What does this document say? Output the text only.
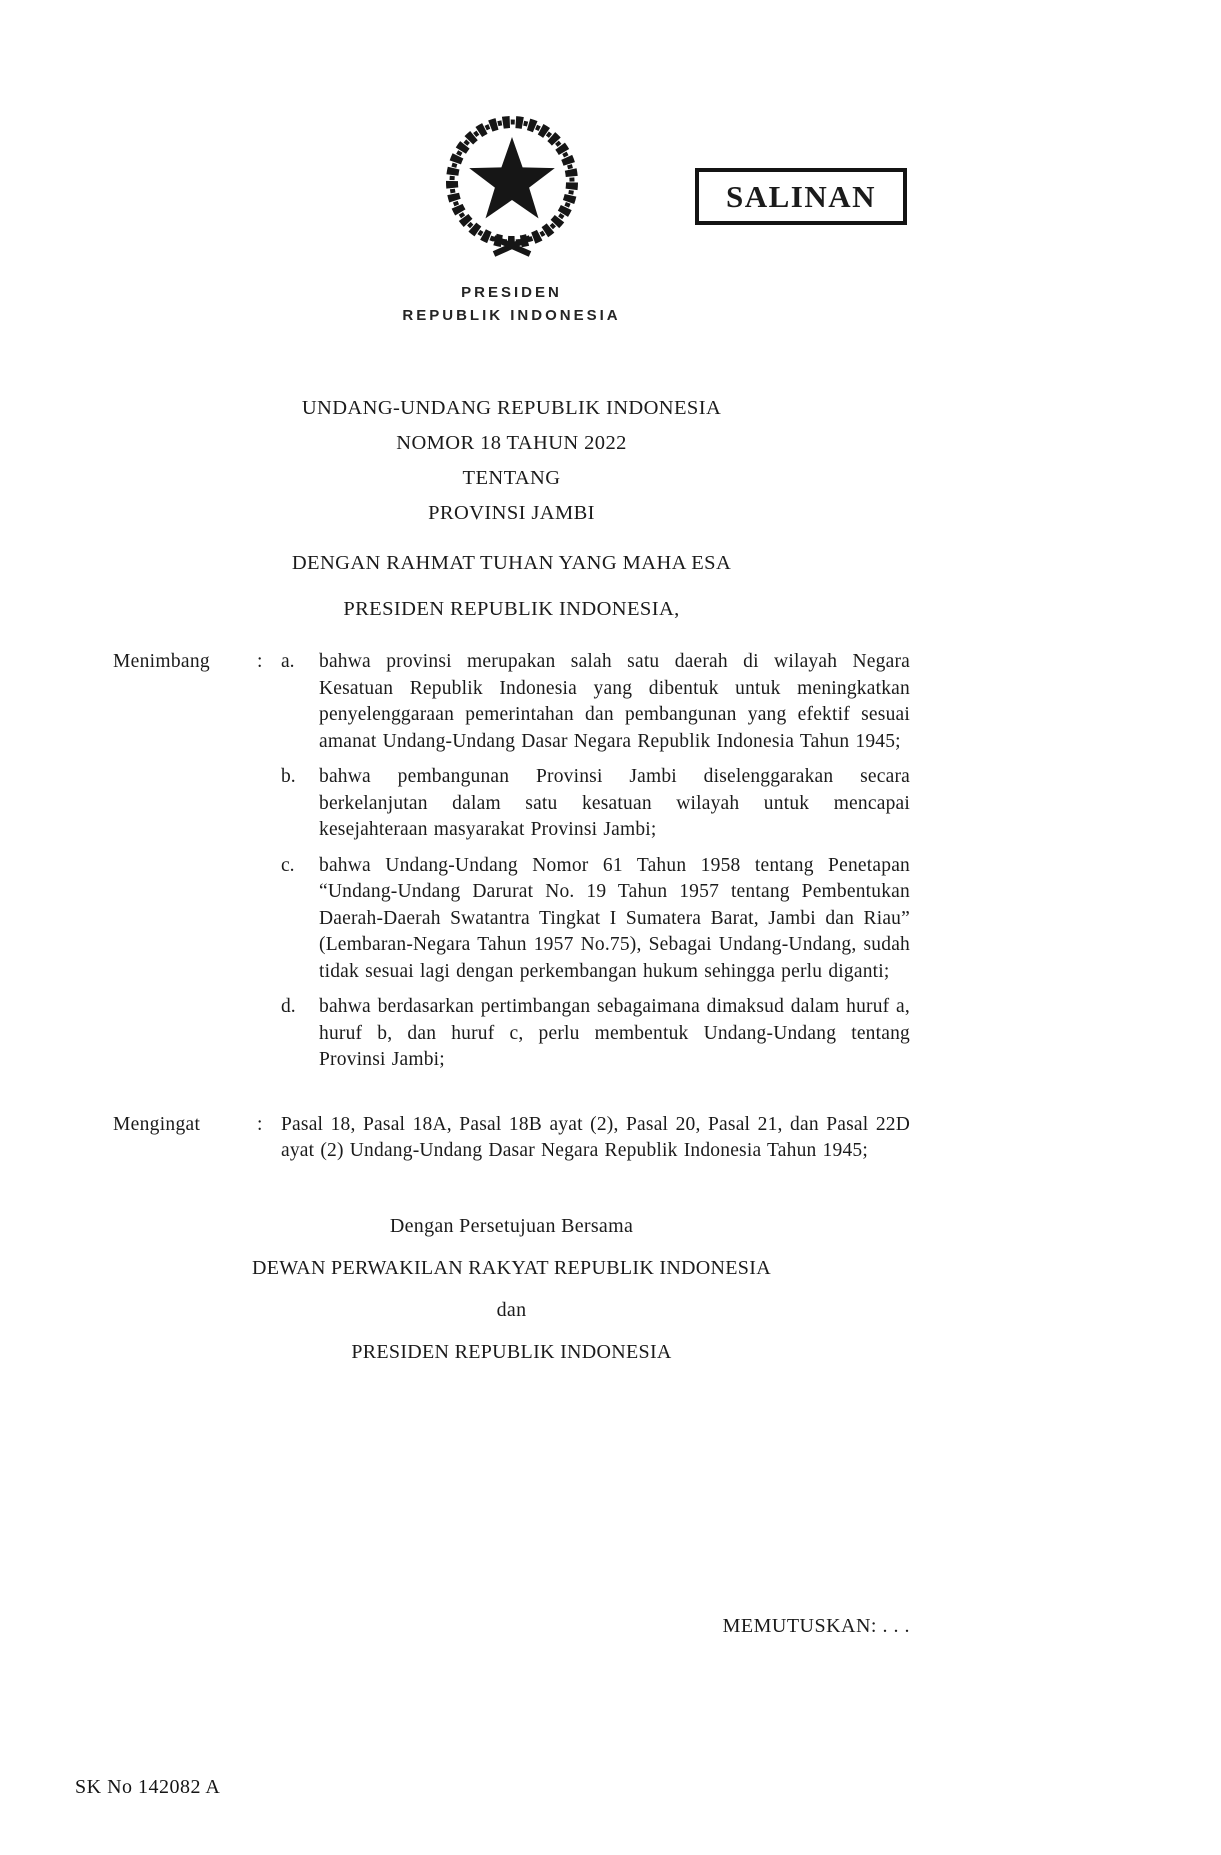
SALINAN
PRESIDEN
REPUBLIK INDONESIA
UNDANG-UNDANG REPUBLIK INDONESIA
NOMOR 18 TAHUN 2022
TENTANG
PROVINSI JAMBI
DENGAN RAHMAT TUHAN YANG MAHA ESA
PRESIDEN REPUBLIK INDONESIA,
Menimbang	: a.	bahwa provinsi merupakan salah satu daerah di wilayah Negara Kesatuan Republik Indonesia yang dibentuk untuk meningkatkan penyelenggaraan pemerintahan dan pembangunan yang efektif sesuai amanat Undang-Undang Dasar Negara Republik Indonesia Tahun 1945;

b.	bahwa pembangunan Provinsi Jambi diselenggarakan secara berkelanjutan dalam satu kesatuan wilayah untuk mencapai kesejahteraan masyarakat Provinsi Jambi;

c.	bahwa Undang-Undang Nomor 61 Tahun 1958 tentang Penetapan “Undang-Undang Darurat No. 19 Tahun 1957 tentang Pembentukan Daerah-Daerah Swatantra Tingkat I Sumatera Barat, Jambi dan Riau” (Lembaran-Negara Tahun 1957 No.75), Sebagai Undang-Undang, sudah tidak sesuai lagi dengan perkembangan hukum sehingga perlu diganti;

d.	bahwa berdasarkan pertimbangan sebagaimana dimaksud dalam huruf a, huruf b, dan huruf c, perlu membentuk Undang-Undang tentang Provinsi Jambi;

Mengingat	: Pasal 18, Pasal 18A, Pasal 18B ayat (2), Pasal 20, Pasal 21, dan Pasal 22D ayat (2) Undang-Undang Dasar Negara Republik Indonesia Tahun 1945;

Dengan Persetujuan Bersama
DEWAN PERWAKILAN RAKYAT REPUBLIK INDONESIA
dan
PRESIDEN REPUBLIK INDONESIA
MEMUTUSKAN: . . .
SK No 142082 A
